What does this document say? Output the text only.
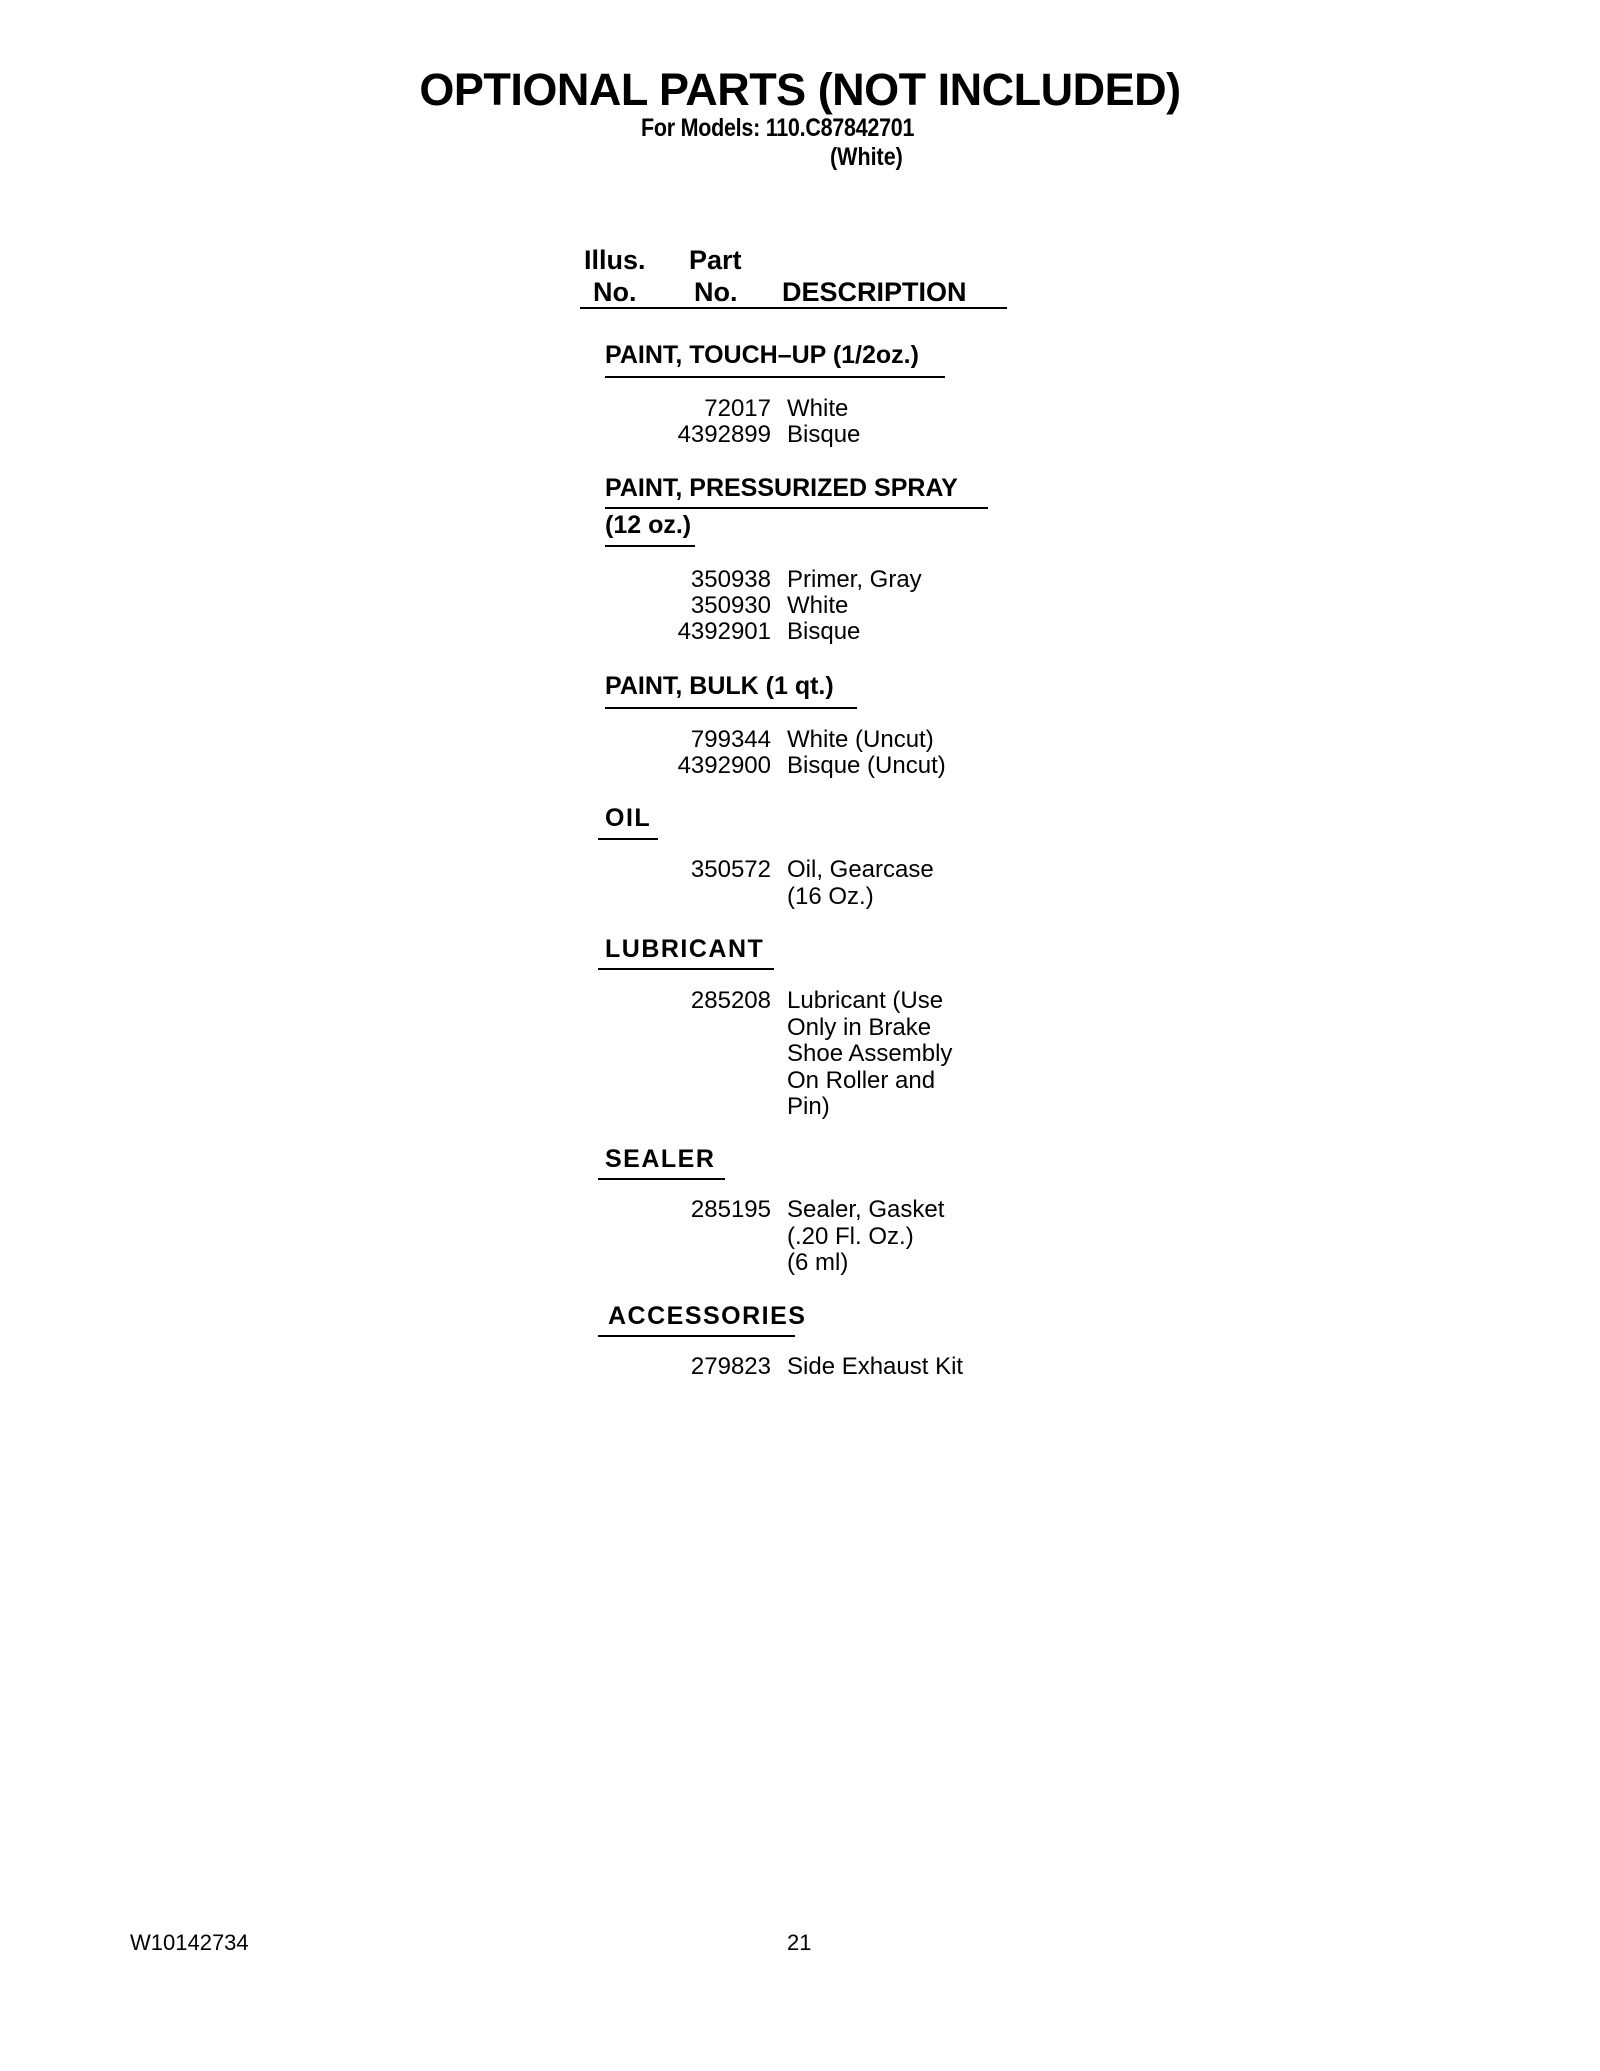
OPTIONAL PARTS (NOT INCLUDED)
For Models: 110.C87842701
(White)
Illus.
No.
Part
No. DESCRIPTION
PAINT, TOUCH–UP (1/2oz.)
72017 White
4392899 Bisque
PAINT, PRESSURIZED SPRAY
(12 oz.)
350938 Primer, Gray
350930 White
4392901 Bisque
PAINT, BULK (1 qt.)
799344 White (Uncut)
4392900 Bisque (Uncut)
OIL
350572 Oil, Gearcase
(16 Oz.)
LUBRICANT
285208 Lubricant (Use
Only in Brake
Shoe Assembly
On Roller and
Pin)
SEALER
285195 Sealer, Gasket
(.20 Fl. Oz.)
(6 ml)
ACCESSORIES
279823 Side Exhaust Kit
W10142734	21
